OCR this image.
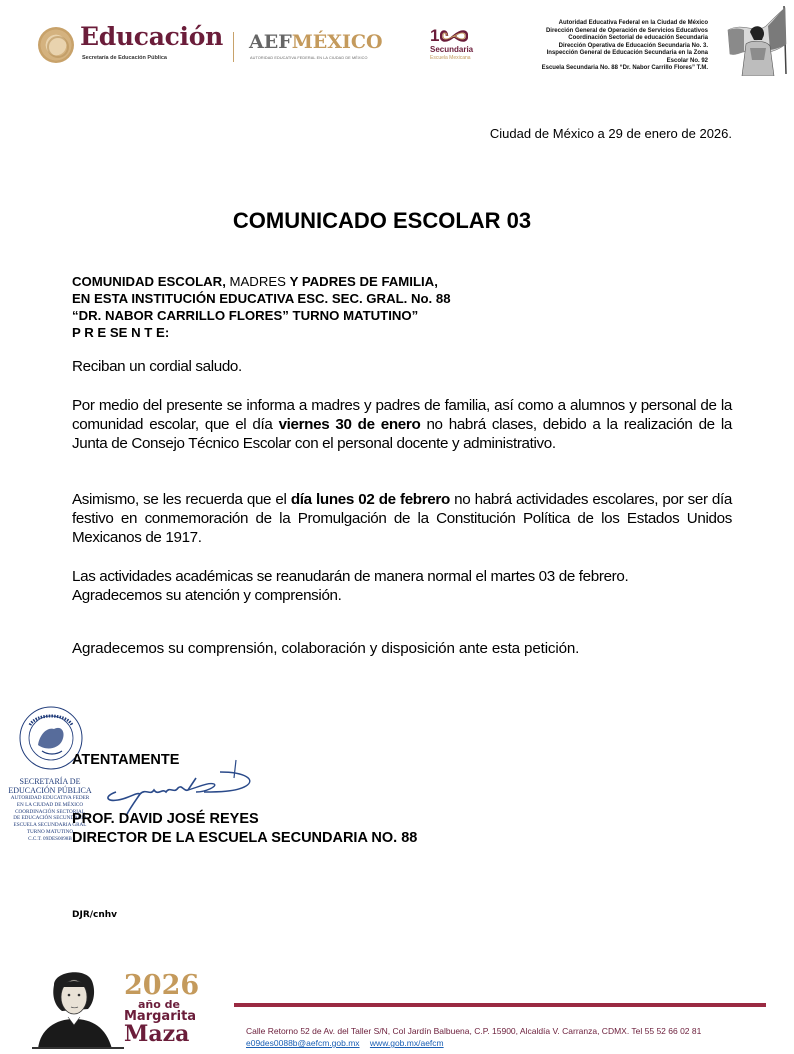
Educación
Secretaría de Educación Pública
AEFMÉXICO
AUTORIDAD EDUCATIVA FEDERAL EN LA CIUDAD DE MÉXICO
1
Secundaria
Escuela Mexicana
Autoridad Educativa Federal en la Ciudad de México
Dirección General de Operación de Servicios Educativos
Coordinación Sectorial de educación Secundaria
Dirección Operativa de Educación Secundaria No. 3.
Inspección General de Educación Secundaria en la Zona
Escolar No. 92
Escuela Secundaria No. 88 “Dr. Nabor Carrillo Flores” T.M.
Ciudad de México a 29 de enero de 2026.
COMUNICADO ESCOLAR 03
COMUNIDAD ESCOLAR, MADRES Y PADRES DE FAMILIA,
EN ESTA INSTITUCIÓN EDUCATIVA ESC. SEC. GRAL. No. 88
“DR. NABOR CARRILLO FLORES” TURNO MATUTINO”
P R E SE N T E:
Reciban un cordial saludo.
Por medio del presente se informa a madres y padres de familia, así como a alumnos y personal de la comunidad escolar, que el día viernes 30 de enero no habrá clases, debido a la realización de la Junta de Consejo Técnico Escolar con el personal docente y administrativo.
Asimismo, se les recuerda que el día lunes 02 de febrero no habrá actividades escolares, por ser día festivo en conmemoración de la Promulgación de la Constitución Política de los Estados Unidos Mexicanos de 1917.
Las actividades académicas se reanudarán de manera normal el martes 03 de febrero.
Agradecemos su atención y comprensión.
Agradecemos su comprensión, colaboración y disposición ante esta petición.
SECRETARÍA DE
EDUCACIÓN PÚBLICA
AUTORIDAD EDUCATIVA FEDER
EN LA CIUDAD DE MÉXICO
COORDINACIÓN SECTORIAL
DE EDUCACIÓN SECUNDARIA
ESCUELA SECUNDARIA GRAL
TURNO MATUTINO
C.C.T. 09DES0098B
ATENTAMENTE
PROF. DAVID JOSÉ REYES
DIRECTOR DE LA ESCUELA SECUNDARIA NO. 88
DJR/cnhv
2026
año de
Margarita
Maza	Calle Retorno 52 de Av. del Taller S/N, Col Jardín Balbuena, C.P. 15900, Alcaldía V. Carranza, CDMX. Tel 55 52 66 02 81
e09des0088b@aefcm.gob.mx www.gob.mx/aefcm
